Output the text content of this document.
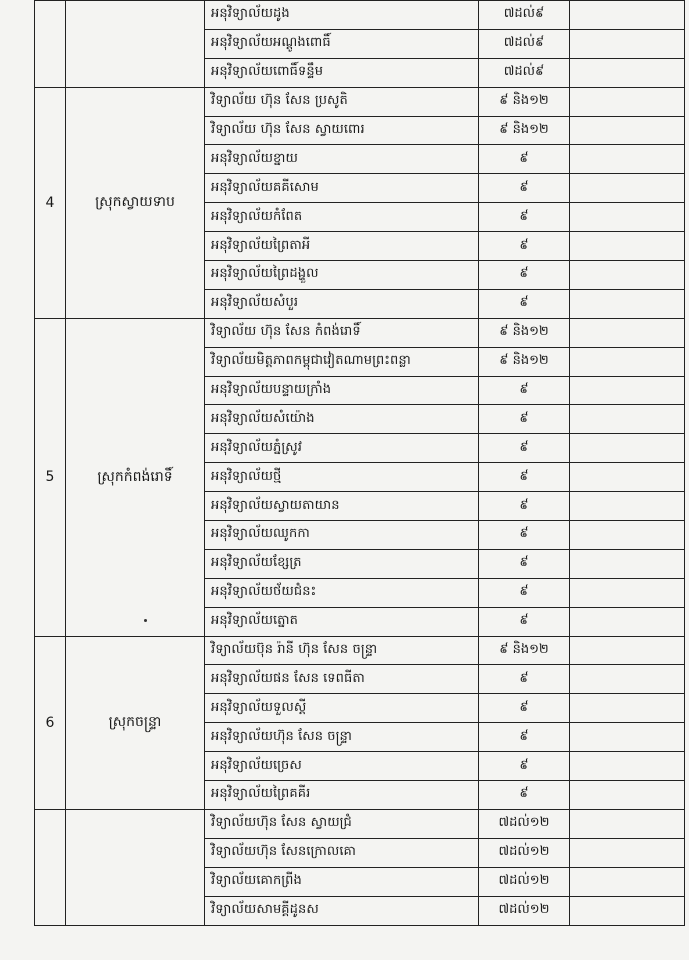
		អនុវិទ្យាល័យដូង	៧ដល់៩	
		អនុវិទ្យាល័យអណ្ដូងពោធិ៍	៧ដល់៩	
		អនុវិទ្យាល័យពោធិ៍ទន្ទឹម	៧ដល់៩	
4	ស្រុកស្វាយទាប	វិទ្យាល័យ ហ៊ុន សែន ប្រសូតិ	៩ និង១២	
		វិទ្យាល័យ ហ៊ុន សែន ស្វាយពោរ	៩ និង១២	
		អនុវិទ្យាល័យខ្នាយ	៩	
		អនុវិទ្យាល័យគគីសោម	៩	
		អនុវិទ្យាល័យកំពែត	៩	
		អនុវិទ្យាល័យព្រៃតាអី	៩	
		អនុវិទ្យាល័យព្រៃដង្ហួល	៩	
		អនុវិទ្យាល័យសំបួរ	៩	
5	ស្រុកកំពង់រោទិ៍	វិទ្យាល័យ ហ៊ុន សែន កំពង់រោទិ៍	៩ និង១២	
		វិទ្យាល័យមិត្តភាពកម្ពុជាវៀតណាមព្រះពន្លា	៩ និង១២	
		អនុវិទ្យាល័យបន្ទាយក្រាំង	៩	
		អនុវិទ្យាល័យសំយ៉ោង	៩	
		អនុវិទ្យាល័យភ្នំស្រូវ	៩	
		អនុវិទ្យាល័យថ្មី	៩	
		អនុវិទ្យាល័យស្វាយតាយាន	៩	
		អនុវិទ្យាល័យឈូកកា	៩	
		អនុវិទ្យាល័យខ្សែត្រ	៩	
		អនុវិទ្យាល័យថ័យជំនះ	៩	
		អនុវិទ្យាល័យត្នោត	៩	
6	ស្រុកចន្ទ្រា	វិទ្យាល័យប៊ុន រ៉ានី ហ៊ុន សែន ចន្ទ្រា	៩ និង១២	
		អនុវិទ្យាល័យផន សែន ទេពធីតា	៩	
		អនុវិទ្យាល័យទួលស្ដី	៩	
		អនុវិទ្យាល័យហ៊ុន សែន ចន្ទ្រា	៩	
		អនុវិទ្យាល័យច្រេស	៩	
		អនុវិទ្យាល័យព្រៃគគីរ	៩	
		វិទ្យាល័យហ៊ុន សែន ស្វាយជ្រំ	៧ដល់១២	
		វិទ្យាល័យហ៊ុន សែនក្រោលគោ	៧ដល់១២	
		វិទ្យាល័យគោកព្រីង	៧ដល់១២	
		វិទ្យាល័យសាមគ្គីដូនស	៧ដល់១២	
